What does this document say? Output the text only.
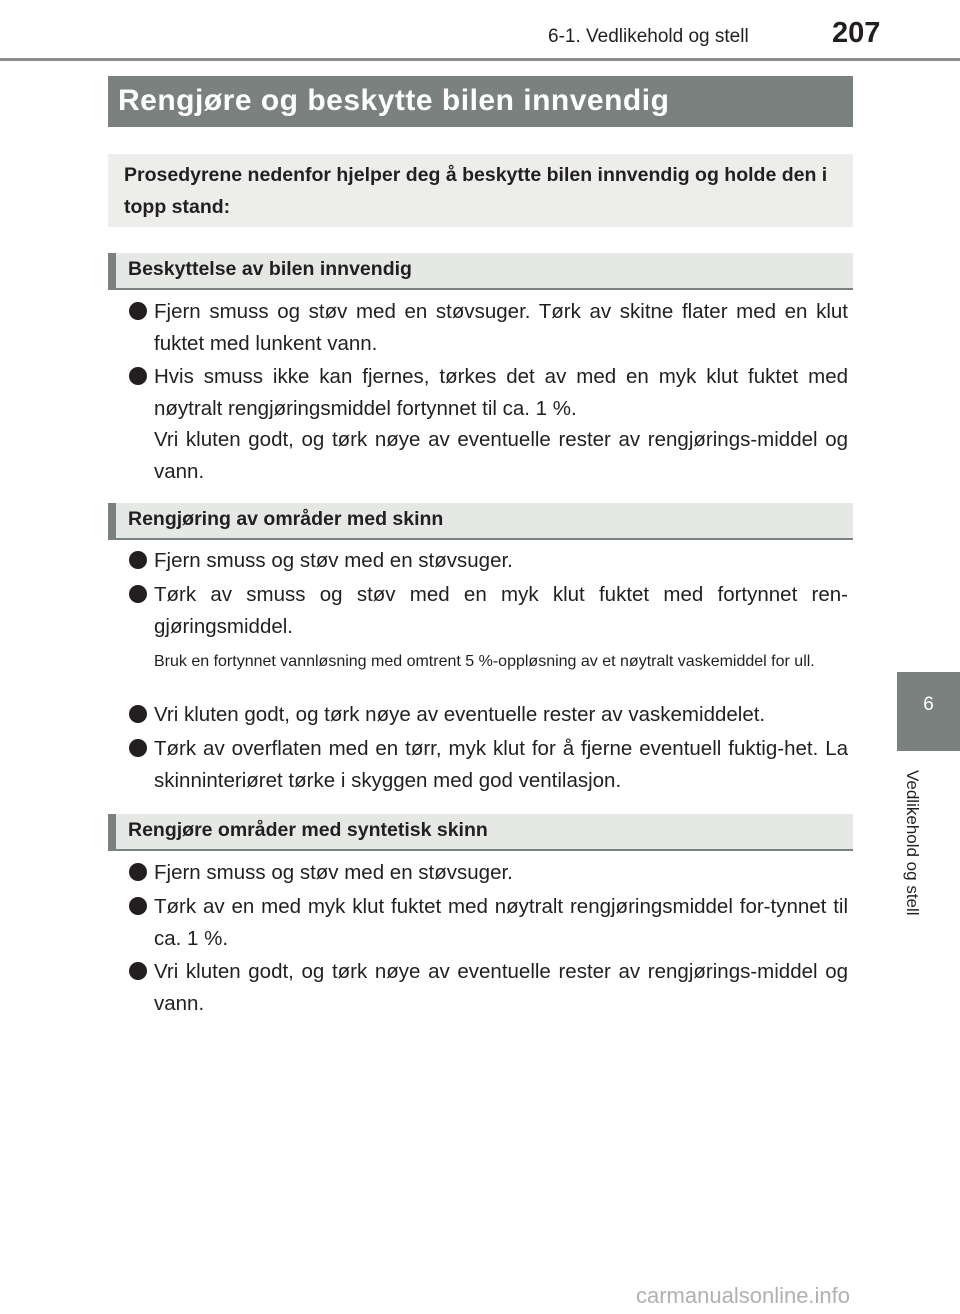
6-1. Vedlikehold og stell	207
6
Vedlikehold og stell
Rengjøre og beskytte bilen innvendig

Prosedyrene nedenfor hjelper deg å beskytte bilen innvendig og holde den i topp stand:

Beskyttelse av bilen innvendig
Fjern smuss og støv med en støvsuger. Tørk av skitne flater med en klut fuktet med lunkent vann.
Hvis smuss ikke kan fjernes, tørkes det av med en myk klut fuktet med nøytralt rengjøringsmiddel fortynnet til ca. 1 %.
Vri kluten godt, og tørk nøye av eventuelle rester av rengjørings-middel og vann.
Rengjøring av områder med skinn
Fjern smuss og støv med en støvsuger.
Tørk av smuss og støv med en myk klut fuktet med fortynnet ren-gjøringsmiddel.
Bruk en fortynnet vannløsning med omtrent 5 %-oppløsning av et nøytralt vaskemiddel for ull.
Vri kluten godt, og tørk nøye av eventuelle rester av vaskemiddelet.
Tørk av overflaten med en tørr, myk klut for å fjerne eventuell fuktig-het. La skinninteriøret tørke i skyggen med god ventilasjon.
Rengjøre områder med syntetisk skinn
Fjern smuss og støv med en støvsuger.
Tørk av en med myk klut fuktet med nøytralt rengjøringsmiddel for-tynnet til ca. 1 %.
Vri kluten godt, og tørk nøye av eventuelle rester av rengjørings-middel og vann.
carmanualsonline.info
